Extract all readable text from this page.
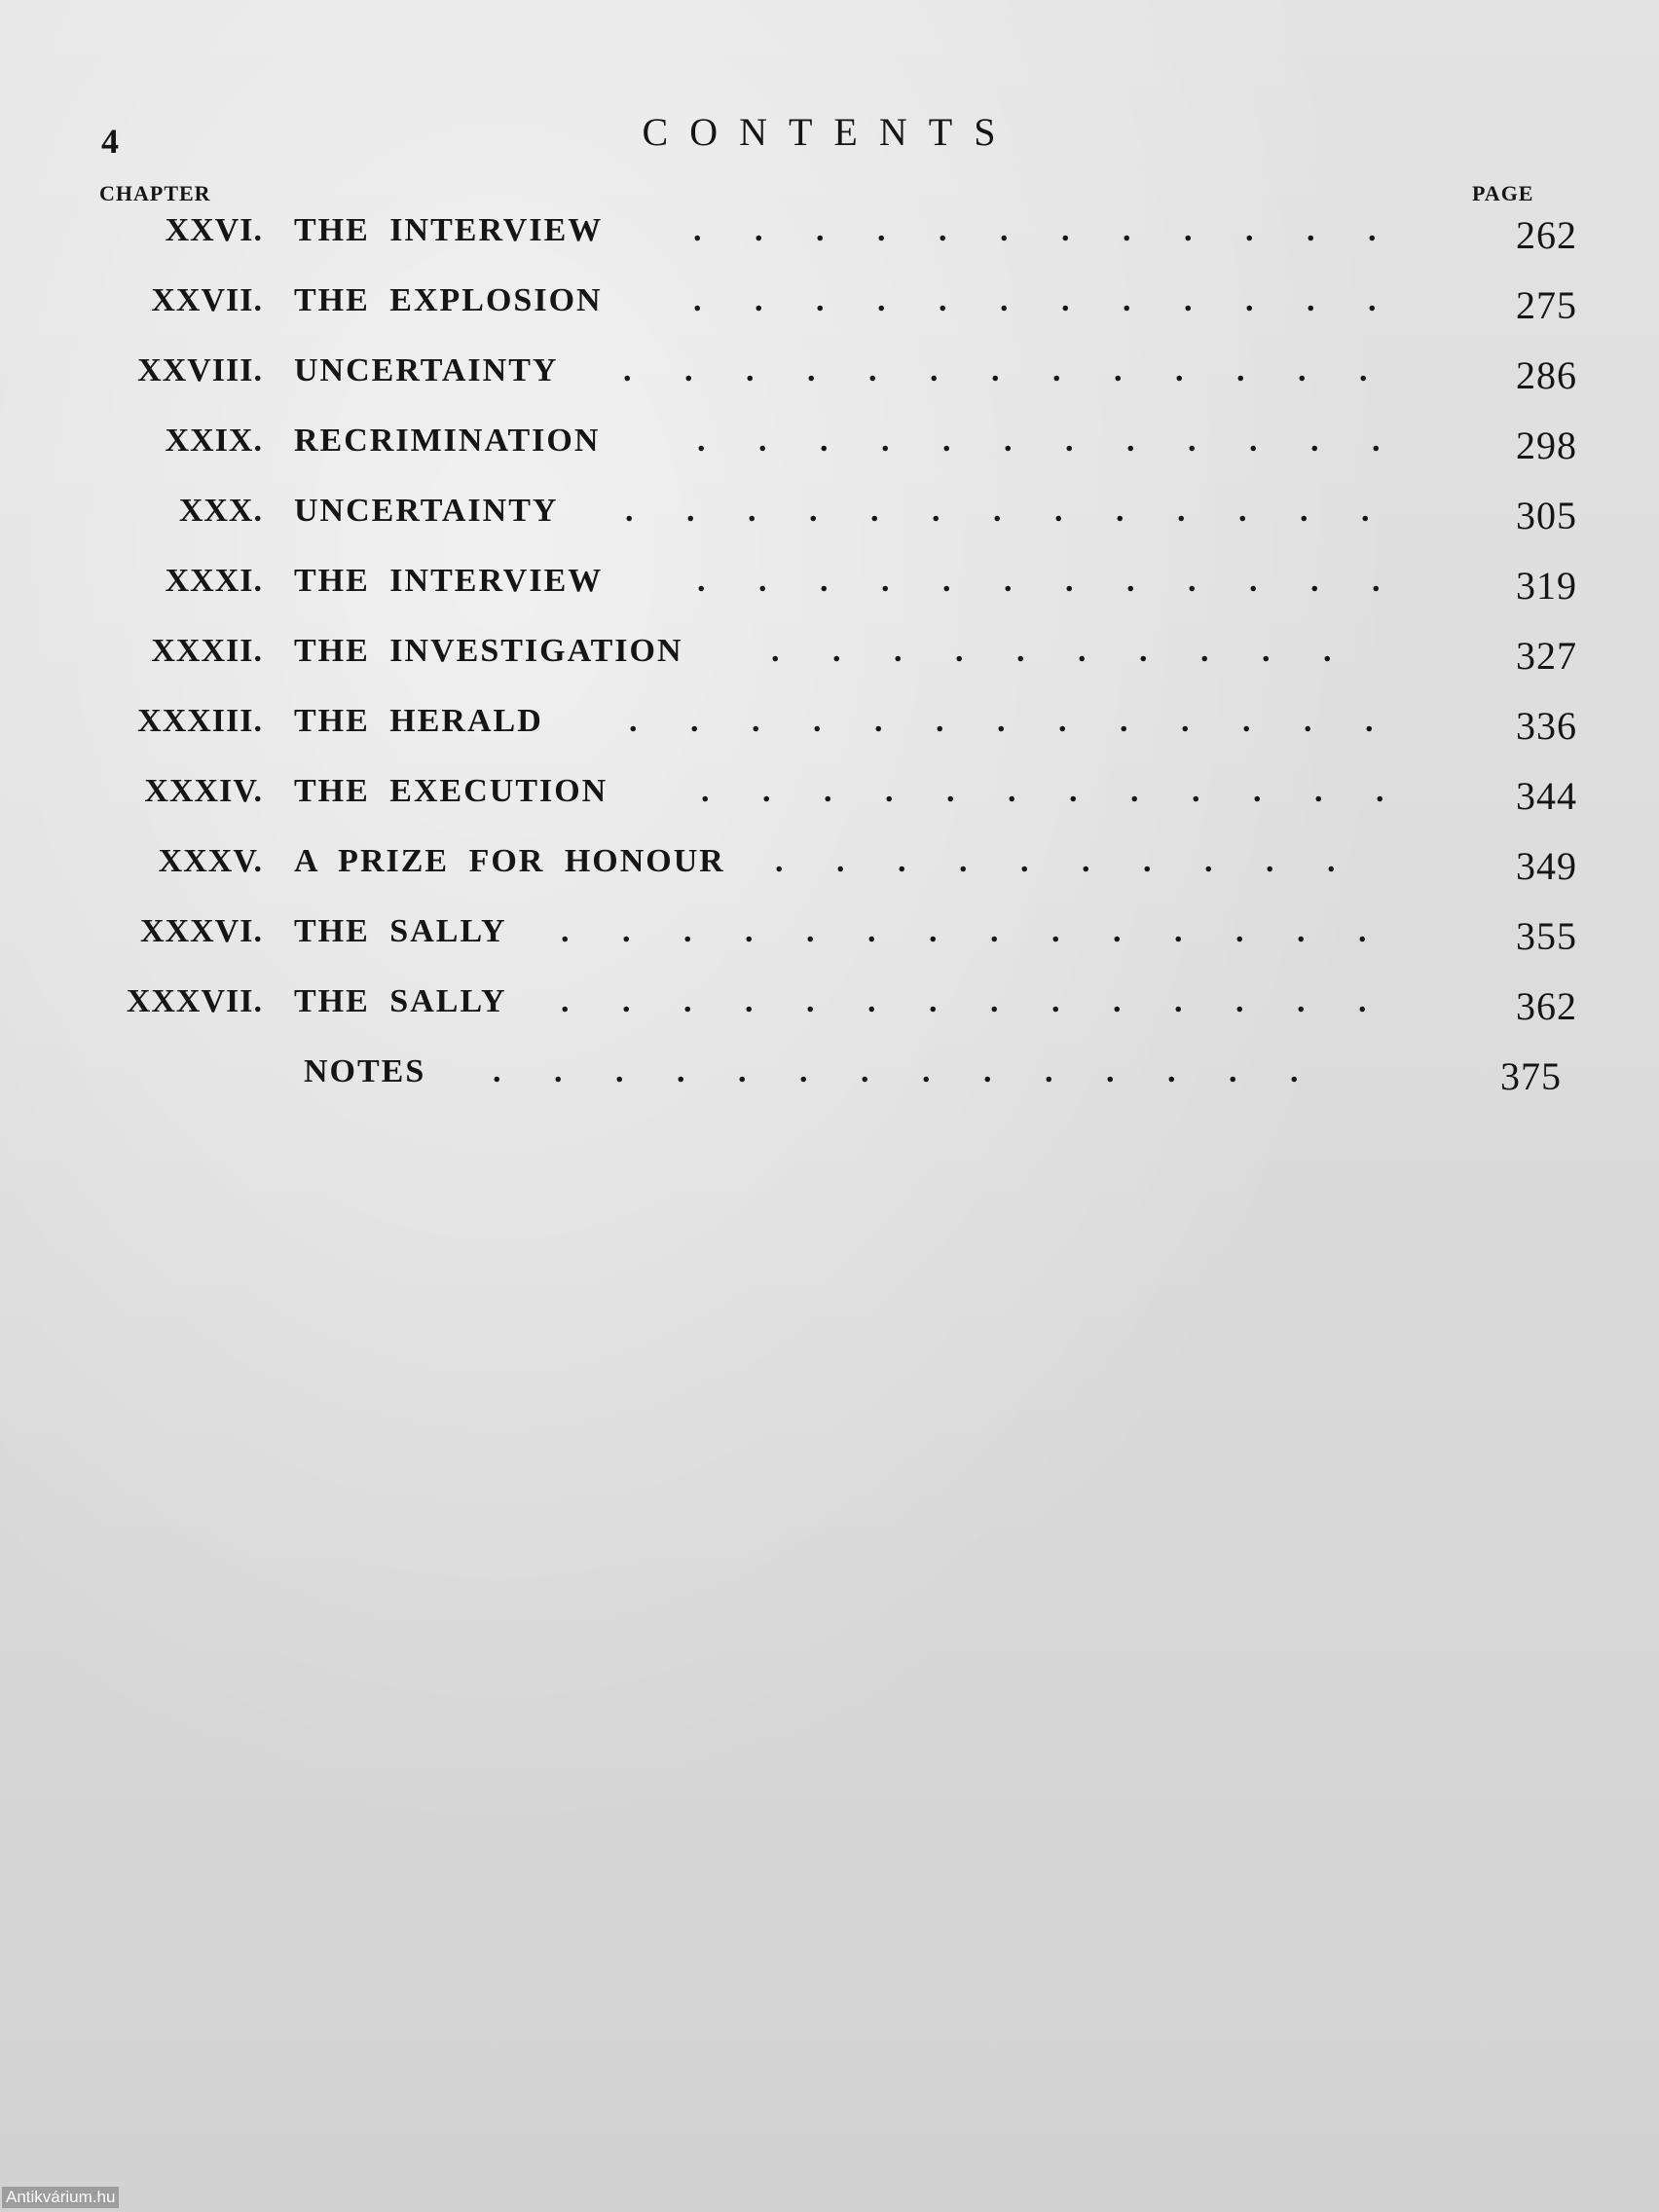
4	CONTENTS
CHAPTER	PAGE
XXVI. THE INTERVIEW	. . . . . . . . . . . .	262
XXVII. THE EXPLOSION	. . . . . . . . . . . .	275
XXVIII. UNCERTAINTY . . . . . . . . . . . . .	286
XXIX. RECRIMINATION	. . . . . . . . . . . .	298
XXX. UNCERTAINTY . . . . . . . . . . . . .	305
XXXI. THE INTERVIEW	. . . . . . . . . . . .	319
XXXII. THE INVESTIGATION	. . . . . . . . . .	327
XXXIII. THE HERALD	. . . . . . . . . . . . .	336
XXXIV. THE EXECUTION	. . . . . . . . . . . .	344
XXXV. A PRIZE FOR HONOUR . . . . . . . . . .	349
XXXVI. THE SALLY . . . . . . . . . . . . . .	355
XXXVII. THE SALLY . . . . . . . . . . . . . .	362
NOTES . . . . . . . . . . . . . .	375
Antikvárium.hu
